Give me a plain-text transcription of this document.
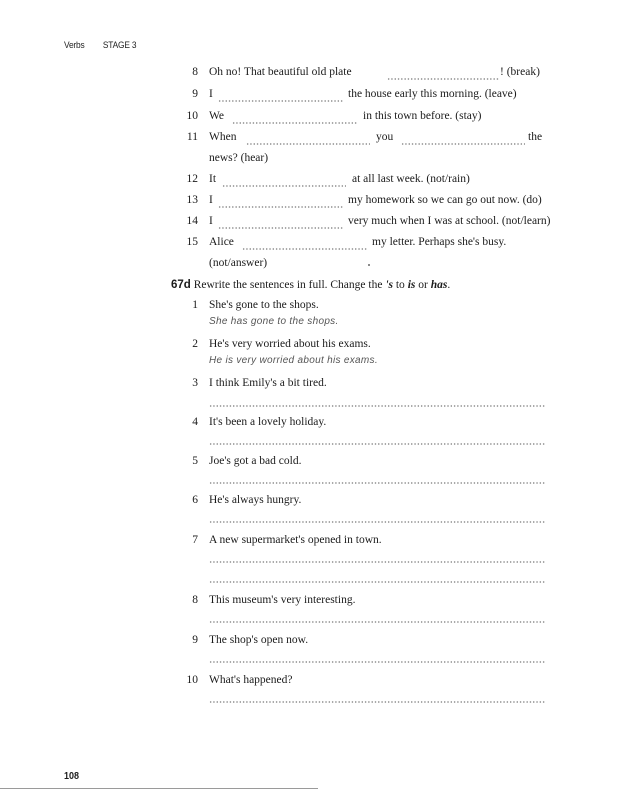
Verbs STAGE 3
8 Oh no! That beautiful old plate	! (break)
9 I	the house early this morning. (leave)
10 We	in this town before. (stay)
11 When	you	the
news? (hear)
12 It	at all last week. (not/rain)
13 I	my homework so we can go out now. (do)
14 I	very much when I was at school. (not/learn)
15 Alice	my letter. Perhaps she's busy.
(not/answer)
67d Rewrite the sentences in full. Change the 's to is or has.
1 She's gone to the shops.
She has gone to the shops.
2 He's very worried about his exams.
He is very worried about his exams.
3 I think Emily's a bit tired.
4 It's been a lovely holiday.
5 Joe's got a bad cold.
6 He's always hungry.
7 A new supermarket's opened in town.
8 This museum's very interesting.
9 The shop's open now.
10 What's happened?
108
